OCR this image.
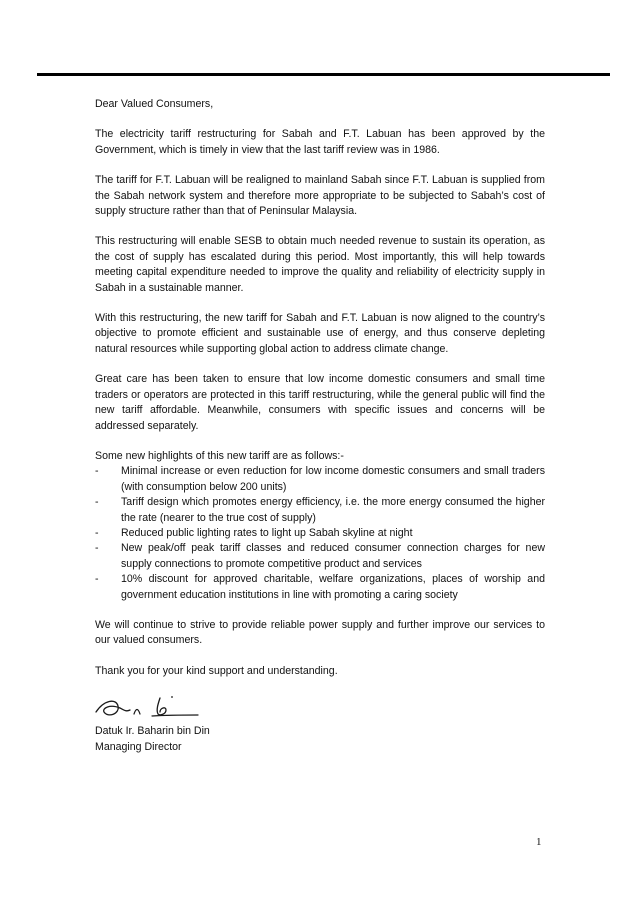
Dear Valued Consumers,

The electricity tariff restructuring for Sabah and F.T. Labuan has been approved by the Government, which is timely in view that the last tariff review was in 1986.

The tariff for F.T. Labuan will be realigned to mainland Sabah since F.T. Labuan is supplied from the Sabah network system and therefore more appropriate to be subjected to Sabah’s cost of supply structure rather than that of Peninsular Malaysia.

This restructuring will enable SESB to obtain much needed revenue to sustain its operation, as the cost of supply has escalated during this period. Most importantly, this will help towards meeting capital expenditure needed to improve the quality and reliability of electricity supply in Sabah in a sustainable manner.

With this restructuring, the new tariff for Sabah and F.T. Labuan is now aligned to the country’s objective to promote efficient and sustainable use of energy, and thus conserve depleting natural resources while supporting global action to address climate change.

Great care has been taken to ensure that low income domestic consumers and small time traders or operators are protected in this tariff restructuring, while the general public will find the new tariff affordable. Meanwhile, consumers with specific issues and concerns will be addressed separately.

Some new highlights of this new tariff are as follows:-

- Minimal increase or even reduction for low income domestic consumers and small traders (with consumption below 200 units)
- Tariff design which promotes energy efficiency, i.e. the more energy consumed the higher the rate (nearer to the true cost of supply)
- Reduced public lighting rates to light up Sabah skyline at night
- New peak/off peak tariff classes and reduced consumer connection charges for new supply connections to promote competitive product and services
- 10% discount for approved charitable, welfare organizations, places of worship and government education institutions in line with promoting a caring society

We will continue to strive to provide reliable power supply and further improve our services to our valued consumers.

Thank you for your kind support and understanding.

Datuk Ir. Baharin bin Din

Managing Director

1
